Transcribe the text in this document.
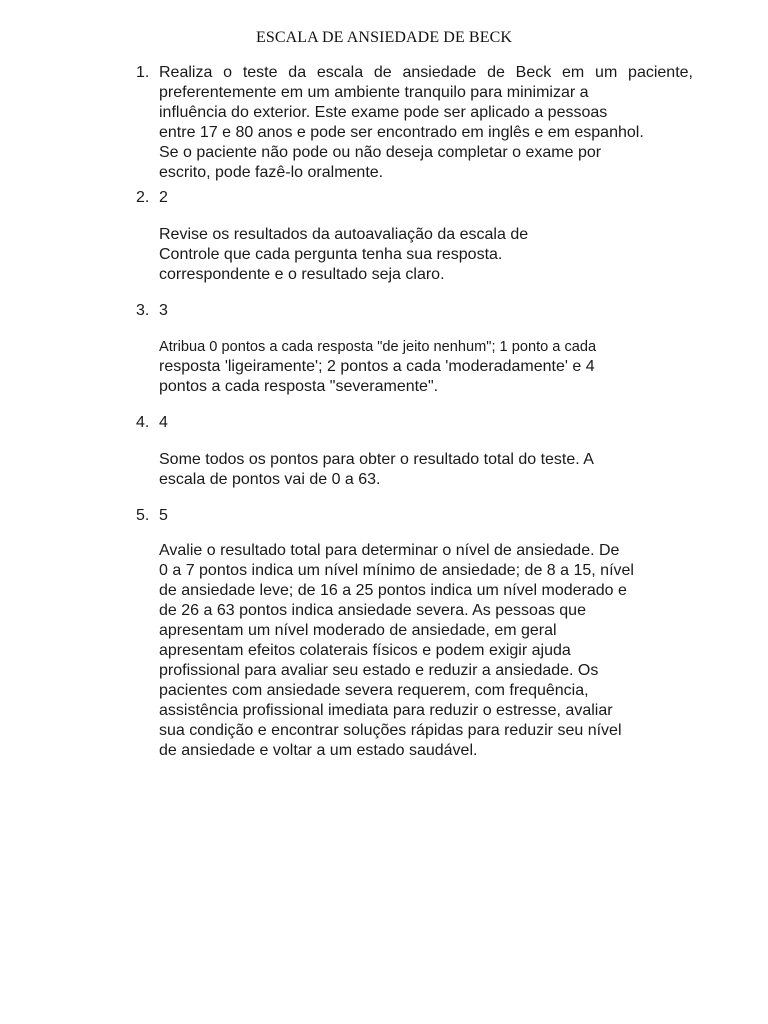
ESCALA DE ANSIEDADE DE BECK
1. Realiza o teste da escala de ansiedade de Beck em um paciente,
preferentemente em um ambiente tranquilo para minimizar a
influência do exterior. Este exame pode ser aplicado a pessoas
entre 17 e 80 anos e pode ser encontrado em inglês e em espanhol.
Se o paciente não pode ou não deseja completar o exame por
escrito, pode fazê-lo oralmente.
2. 2
Revise os resultados da autoavaliação da escala de
Controle que cada pergunta tenha sua resposta.
correspondente e o resultado seja claro.
3. 3
Atribua 0 pontos a cada resposta "de jeito nenhum"; 1 ponto a cada
resposta 'ligeiramente'; 2 pontos a cada 'moderadamente' e 4
pontos a cada resposta "severamente".
4. 4
Some todos os pontos para obter o resultado total do teste. A
escala de pontos vai de 0 a 63.
5. 5
Avalie o resultado total para determinar o nível de ansiedade. De
0 a 7 pontos indica um nível mínimo de ansiedade; de 8 a 15, nível
de ansiedade leve; de 16 a 25 pontos indica um nível moderado e
de 26 a 63 pontos indica ansiedade severa. As pessoas que
apresentam um nível moderado de ansiedade, em geral
apresentam efeitos colaterais físicos e podem exigir ajuda
profissional para avaliar seu estado e reduzir a ansiedade. Os
pacientes com ansiedade severa requerem, com frequência,
assistência profissional imediata para reduzir o estresse, avaliar
sua condição e encontrar soluções rápidas para reduzir seu nível
de ansiedade e voltar a um estado saudável.
